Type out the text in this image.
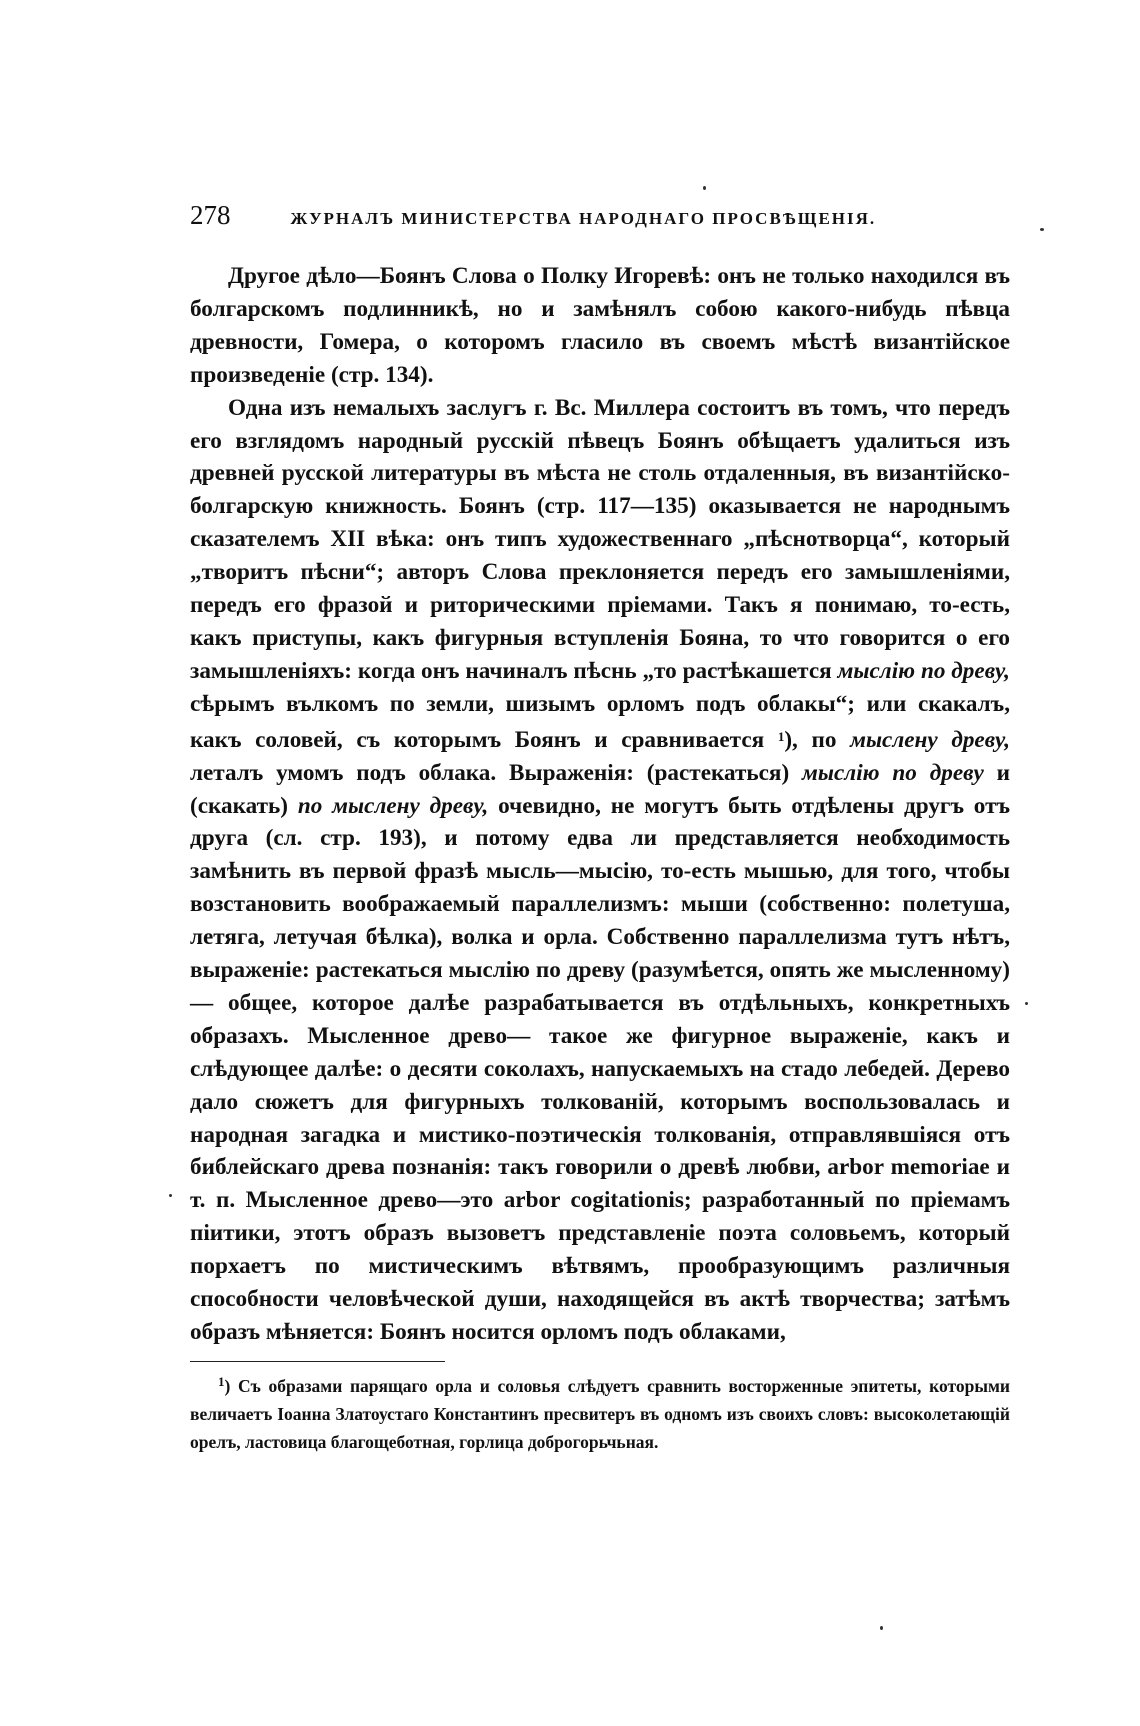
278	ЖУРНАЛЪ МИНИСТЕРСТВА НАРОДНАГО ПРОСВѢЩЕНІЯ.

Другое дѣло—Боянъ Слова о Полку Игоревѣ: онъ не только находился въ болгарскомъ подлинникѣ, но и замѣнялъ собою какого-нибудь пѣвца древности, Гомера, о которомъ гласило въ своемъ мѣстѣ византійское произведеніе (стр. 134).

Одна изъ немалыхъ заслугъ г. Вс. Миллера состоитъ въ томъ, что передъ его взглядомъ народный русскій пѣвецъ Боянъ обѣщаетъ удалиться изъ древней русской литературы въ мѣста не столь отдаленныя, въ византійско-болгарскую книжность. Боянъ (стр. 117—135) оказывается не народнымъ сказателемъ XII вѣка: онъ типъ художественнаго „пѣснотворца“, который „творитъ пѣсни“; авторъ Слова преклоняется передъ его замышленіями, передъ его фразой и риторическими пріемами. Такъ я понимаю, то-есть, какъ приступы, какъ фигурныя вступленія Бояна, то что говорится о его замышленіяхъ: когда онъ начиналъ пѣснь „то растѣкашется мыслію по древу, сѣрымъ вълкомъ по земли, шизымъ орломъ подъ облакы“; или скакалъ, какъ соловей, съ которымъ Боянъ и сравнивается $^1$), по мыслену древу, леталъ умомъ подъ облака. Выраженія: (растекаться) мыслію по древу и (скакать) по мыслену древу, очевидно, не могутъ быть отдѣлены другъ отъ друга (сл. стр. 193), и потому едва ли представляется необходимость замѣнить въ первой фразѣ мысль—мысію, то-есть мышью, для того, чтобы возстановить воображаемый параллелизмъ: мыши (собственно: полетуша, летяга, летучая бѣлка), волка и орла. Собственно параллелизма тутъ нѣтъ, выраженіе: растекаться мыслію по древу (разумѣется, опять же мысленному) — общее, которое далѣе разрабатывается въ отдѣльныхъ, конкретныхъ образахъ. Мысленное древо— такое же фигурное выраженіе, какъ и слѣдующее далѣе: о десяти соколахъ, напускаемыхъ на стадо лебедей. Дерево дало сюжетъ для фигурныхъ толкованій, которымъ воспользовалась и народная загадка и мистико-поэтическія толкованія, отправлявшіяся отъ библейскаго древа познанія: такъ говорили о древѣ любви, arbor memoriae и т. п. Мысленное древо—это arbor cogitationis; разработанный по пріемамъ піитики, этотъ образъ вызоветъ представленіе поэта соловьемъ, который порхаетъ по мистическимъ вѣтвямъ, прообразующимъ различныя способности человѣческой души, находящейся въ актѣ творчества; затѣмъ образъ мѣняется: Боянъ носится орломъ подъ облаками,

$^1$) Съ образами парящаго орла и соловья слѣдуетъ сравнить восторженные эпитеты, которыми величаетъ Іоанна Златоустаго Константинъ пресвитеръ въ одномъ изъ своихъ словъ: высоколетающій орелъ, ластовица благощеботная, горлица доброгорьчьная.
